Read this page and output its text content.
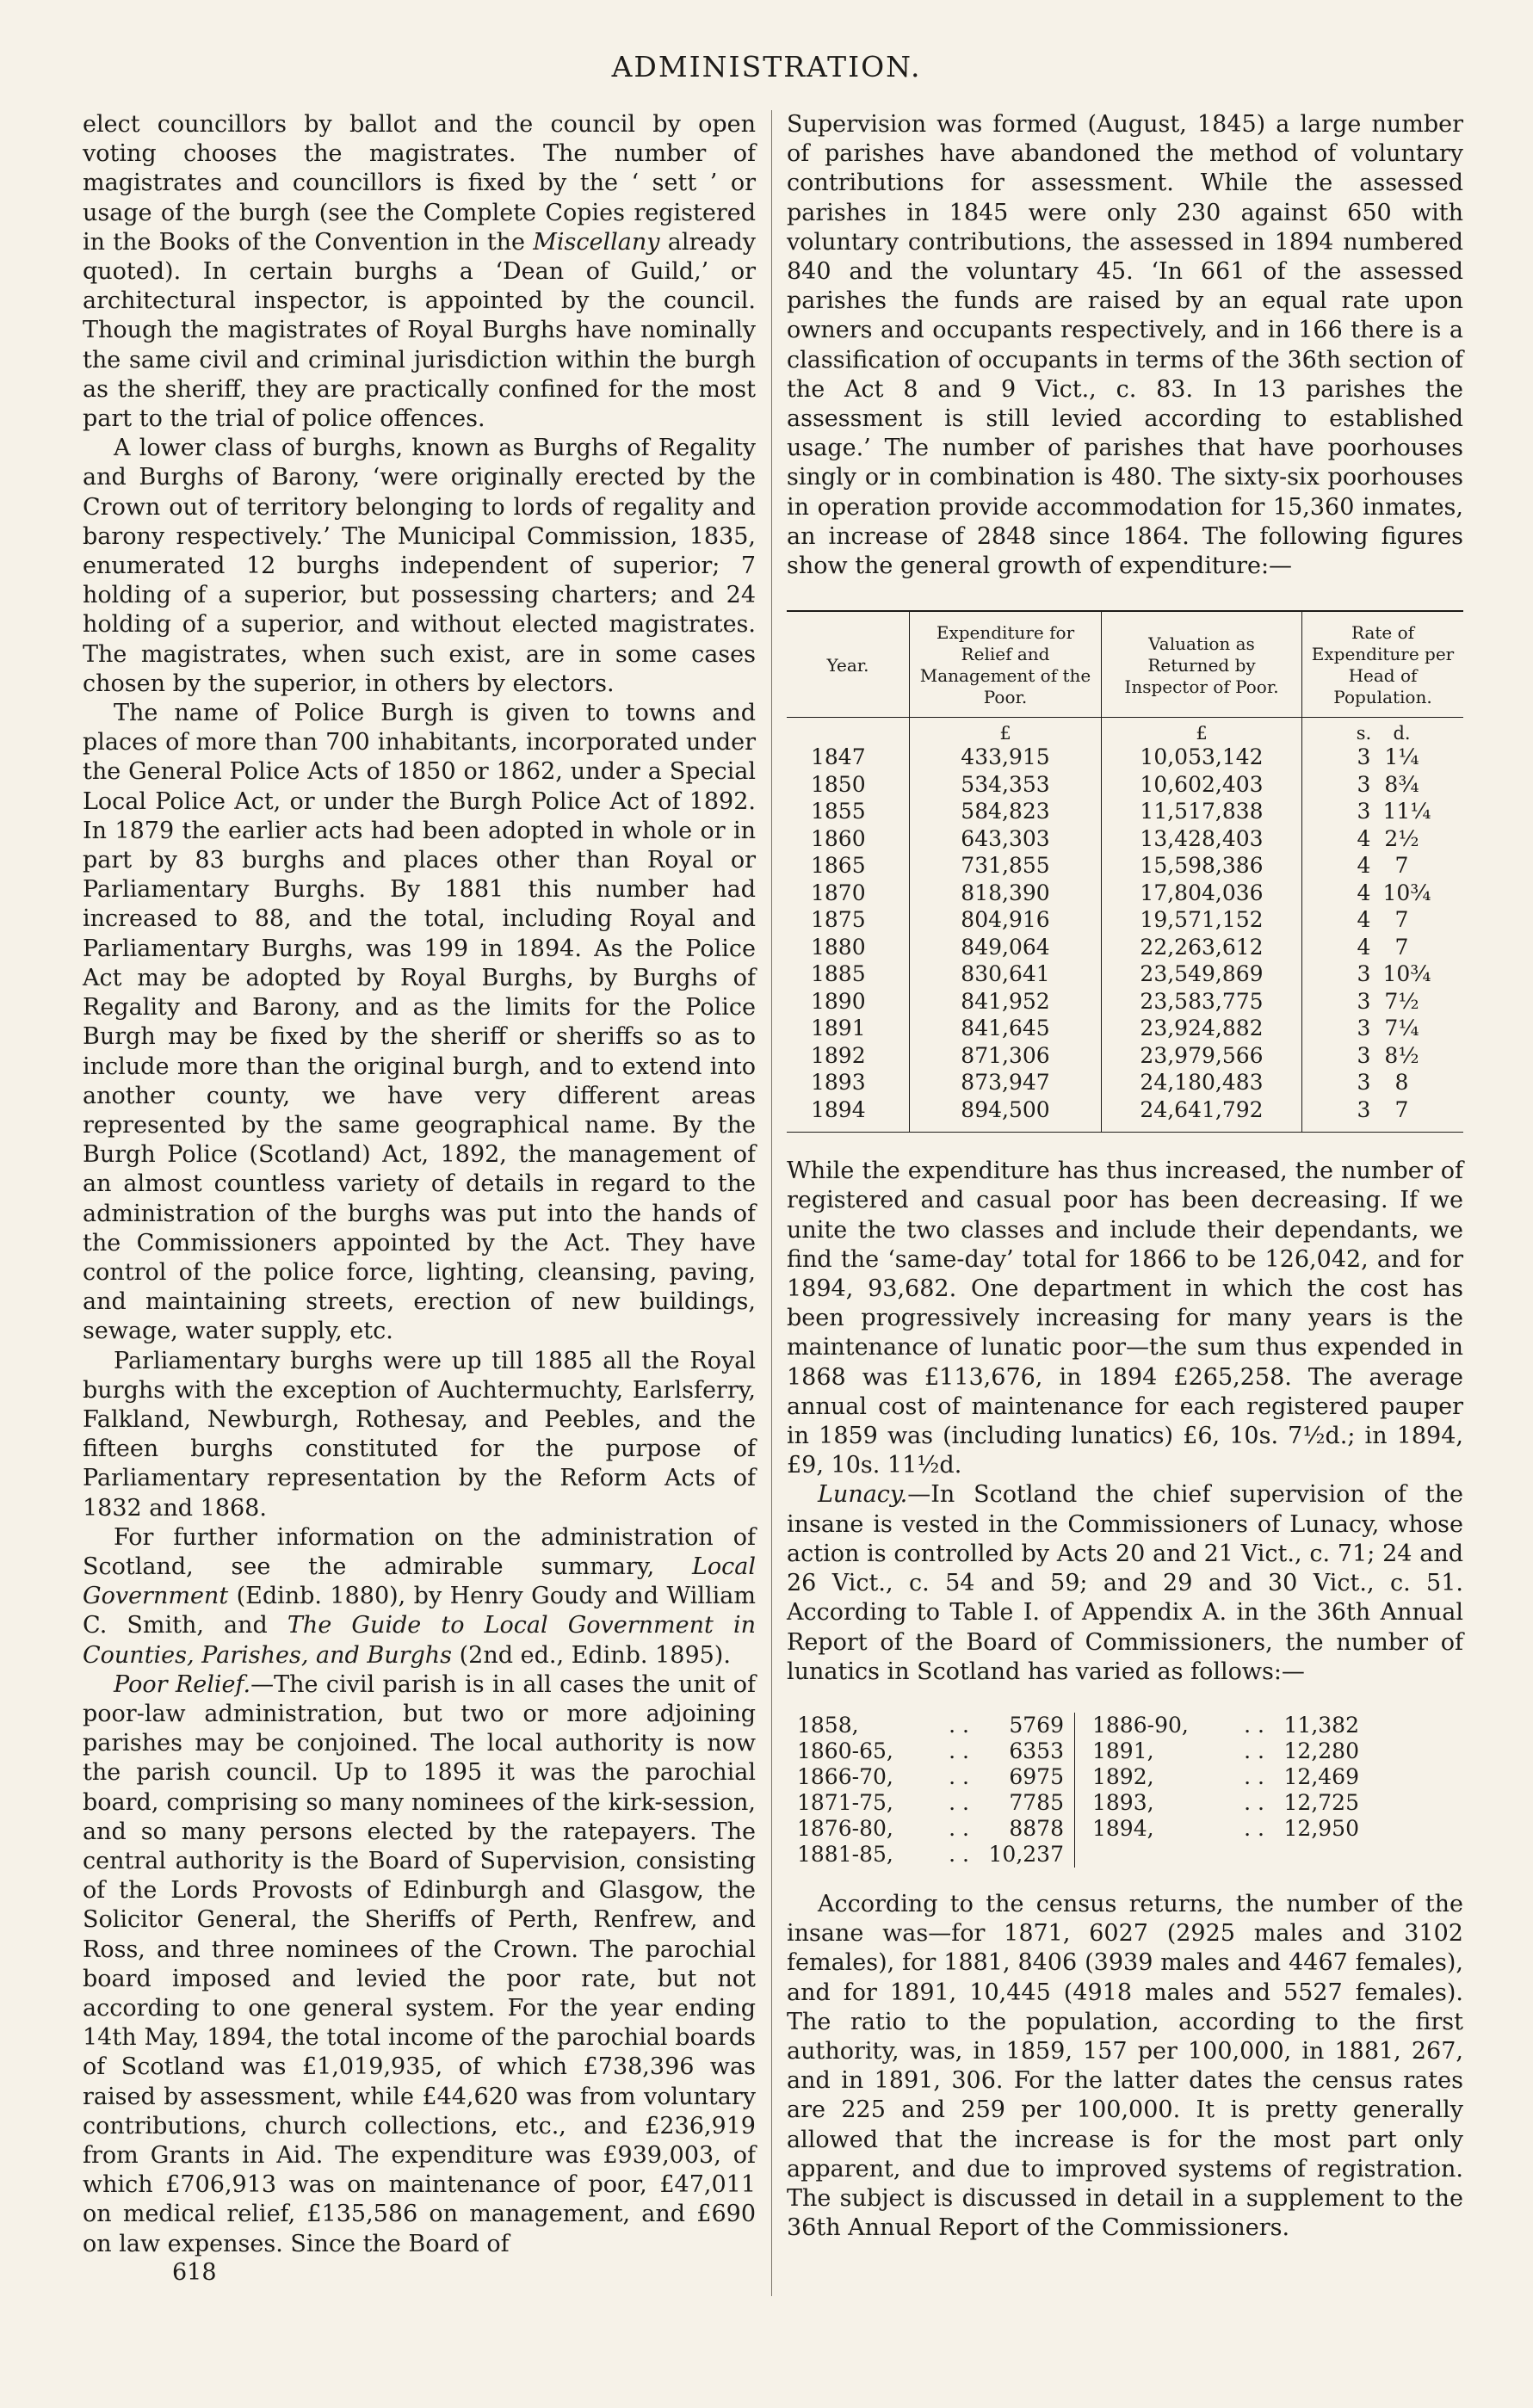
ADMINISTRATION.

elect councillors by ballot and the council by open voting chooses the magistrates. The number of magistrates and councillors is fixed by the ‘ sett ’ or usage of the burgh (see the Complete Copies registered in the Books of the Convention in the Miscellany already quoted). In certain burghs a ‘Dean of Guild,’ or architectural inspector, is appointed by the council. Though the magistrates of Royal Burghs have nominally the same civil and criminal jurisdiction within the burgh as the sheriff, they are practically confined for the most part to the trial of police offences.

A lower class of burghs, known as Burghs of Regality and Burghs of Barony, ‘were originally erected by the Crown out of territory belonging to lords of regality and barony respectively.’ The Municipal Commission, 1835, enumerated 12 burghs independent of superior; 7 holding of a superior, but possessing charters; and 24 holding of a superior, and without elected magistrates. The magistrates, when such exist, are in some cases chosen by the superior, in others by electors.

The name of Police Burgh is given to towns and places of more than 700 inhabitants, incorporated under the General Police Acts of 1850 or 1862, under a Special Local Police Act, or under the Burgh Police Act of 1892. In 1879 the earlier acts had been adopted in whole or in part by 83 burghs and places other than Royal or Parliamentary Burghs. By 1881 this number had increased to 88, and the total, including Royal and Parliamentary Burghs, was 199 in 1894. As the Police Act may be adopted by Royal Burghs, by Burghs of Regality and Barony, and as the limits for the Police Burgh may be fixed by the sheriff or sheriffs so as to include more than the original burgh, and to extend into another county, we have very different areas represented by the same geographical name. By the Burgh Police (Scotland) Act, 1892, the management of an almost countless variety of details in regard to the administration of the burghs was put into the hands of the Commissioners appointed by the Act. They have control of the police force, lighting, cleansing, paving, and maintaining streets, erection of new buildings, sewage, water supply, etc.

Parliamentary burghs were up till 1885 all the Royal burghs with the exception of Auchtermuchty, Earlsferry, Falkland, Newburgh, Rothesay, and Peebles, and the fifteen burghs constituted for the purpose of Parliamentary representation by the Reform Acts of 1832 and 1868.

For further information on the administration of Scotland, see the admirable summary, Local Government (Edinb. 1880), by Henry Goudy and William C. Smith, and The Guide to Local Government in Counties, Parishes, and Burghs (2nd ed., Edinb. 1895).

Poor Relief.—The civil parish is in all cases the unit of poor-law administration, but two or more adjoining parishes may be conjoined. The local authority is now the parish council. Up to 1895 it was the parochial board, comprising so many nominees of the kirk-session, and so many persons elected by the ratepayers. The central authority is the Board of Supervision, consisting of the Lords Provosts of Edinburgh and Glasgow, the Solicitor General, the Sheriffs of Perth, Renfrew, and Ross, and three nominees of the Crown. The parochial board imposed and levied the poor rate, but not according to one general system. For the year ending 14th May, 1894, the total income of the parochial boards of Scotland was £1,019,935, of which £738,396 was raised by assessment, while £44,620 was from voluntary contributions, church collections, etc., and £236,919 from Grants in Aid. The expenditure was £939,003, of which £706,913 was on maintenance of poor, £47,011 on medical relief, £135,586 on management, and £690 on law expenses. Since the Board of

618

Supervision was formed (August, 1845) a large number of parishes have abandoned the method of voluntary contributions for assessment. While the assessed parishes in 1845 were only 230 against 650 with voluntary contributions, the assessed in 1894 numbered 840 and the voluntary 45. ‘In 661 of the assessed parishes the funds are raised by an equal rate upon owners and occupants respectively, and in 166 there is a classification of occupants in terms of the 36th section of the Act 8 and 9 Vict., c. 83. In 13 parishes the assessment is still levied according to established usage.’ The number of parishes that have poorhouses singly or in combination is 480. The sixty-six poorhouses in operation provide accommodation for 15,360 inmates, an increase of 2848 since 1864. The following figures show the general growth of expenditure:—

Year.	Expenditure for Relief and Management of the Poor.	Valuation as Returned by Inspector of Poor.	Rate of Expenditure per Head of Population.
	£	£	s. d.
1847	433,915	10,053,142	3 1¼
1850	534,353	10,602,403	3 8¾
1855	584,823	11,517,838	3 11¼
1860	643,303	13,428,403	4 2½
1865	731,855	15,598,386	4 7
1870	818,390	17,804,036	4 10¾
1875	804,916	19,571,152	4 7
1880	849,064	22,263,612	4 7
1885	830,641	23,549,869	3 10¾
1890	841,952	23,583,775	3 7½
1891	841,645	23,924,882	3 7¼
1892	871,306	23,979,566	3 8½
1893	873,947	24,180,483	3 8
1894	894,500	24,641,792	3 7

While the expenditure has thus increased, the number of registered and casual poor has been decreasing. If we unite the two classes and include their dependants, we find the ‘same-day’ total for 1866 to be 126,042, and for 1894, 93,682. One department in which the cost has been progressively increasing for many years is the maintenance of lunatic poor—the sum thus expended in 1868 was £113,676, in 1894 £265,258. The average annual cost of maintenance for each registered pauper in 1859 was (including lunatics) £6, 10s. 7½d.; in 1894, £9, 10s. 11½d.

Lunacy.—In Scotland the chief supervision of the insane is vested in the Commissioners of Lunacy, whose action is controlled by Acts 20 and 21 Vict., c. 71; 24 and 26 Vict., c. 54 and 59; and 29 and 30 Vict., c. 51. According to Table I. of Appendix A. in the 36th Annual Report of the Board of Commissioners, the number of lunatics in Scotland has varied as follows:—

1858,	. .	5769
1860-65,	. .	6353
1866-70,	. .	6975
1871-75,	. .	7785
1876-80,	. .	8878
1881-85,	. . 10,237
1886-90,	. . 11,382
1891,	. . 12,280
1892,	. . 12,469
1893,	. . 12,725
1894,	. . 12,950

According to the census returns, the number of the insane was—for 1871, 6027 (2925 males and 3102 females), for 1881, 8406 (3939 males and 4467 females), and for 1891, 10,445 (4918 males and 5527 females). The ratio to the population, according to the first authority, was, in 1859, 157 per 100,000, in 1881, 267, and in 1891, 306. For the latter dates the census rates are 225 and 259 per 100,000. It is pretty generally allowed that the increase is for the most part only apparent, and due to improved systems of registration. The subject is discussed in detail in a supplement to the 36th Annual Report of the Commissioners.
